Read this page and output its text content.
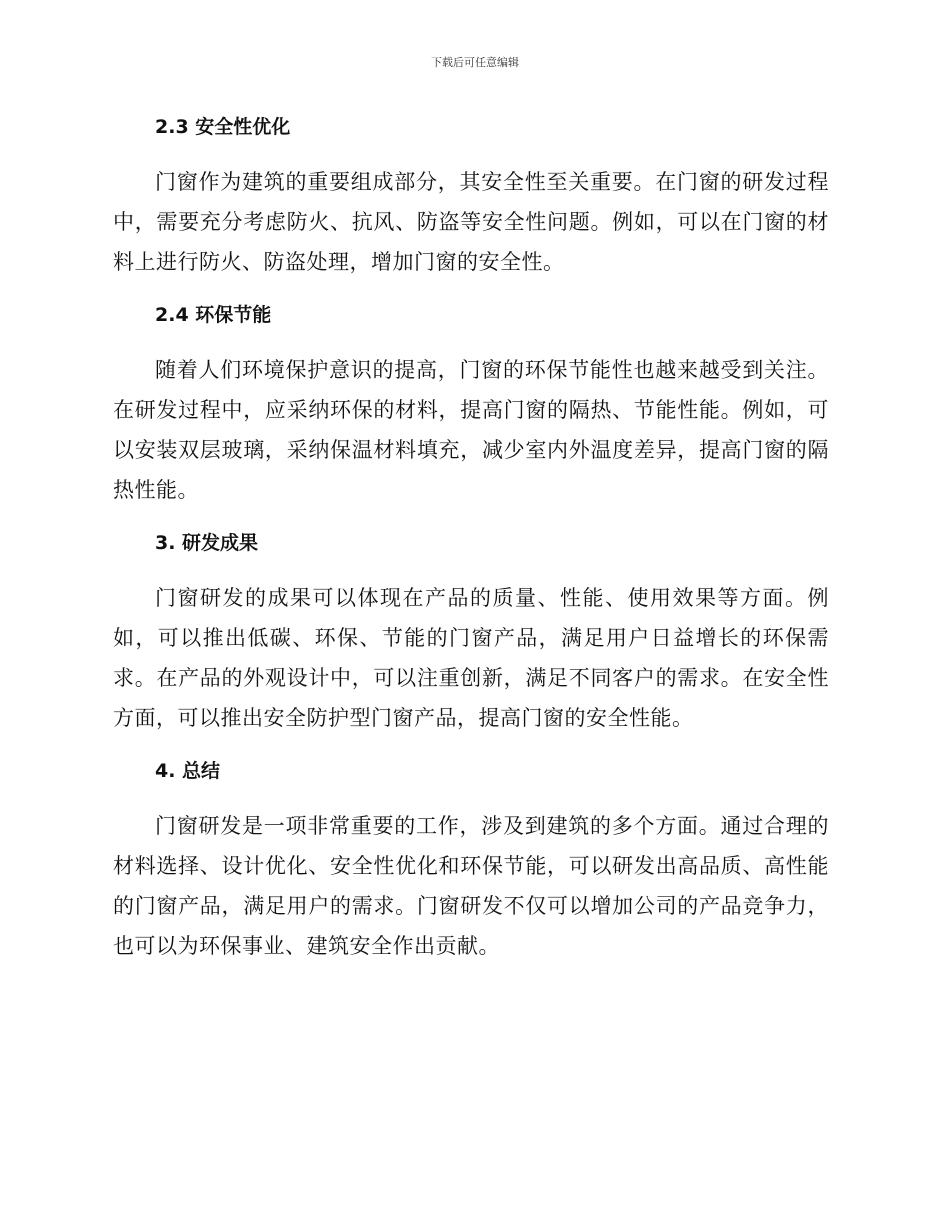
下载后可任意编辑
2.3 安全性优化

门窗作为建筑的重要组成部分，其安全性至关重要。在门窗的研发过程中，需要充分考虑防火、抗风、防盗等安全性问题。例如，可以在门窗的材料上进行防火、防盗处理，增加门窗的安全性。

2.4 环保节能

随着人们环境保护意识的提高，门窗的环保节能性也越来越受到关注。在研发过程中，应采纳环保的材料，提高门窗的隔热、节能性能。例如，可以安装双层玻璃，采纳保温材料填充，减少室内外温度差异，提高门窗的隔热性能。

3. 研发成果

门窗研发的成果可以体现在产品的质量、性能、使用效果等方面。例如，可以推出低碳、环保、节能的门窗产品，满足用户日益增长的环保需求。在产品的外观设计中，可以注重创新，满足不同客户的需求。在安全性方面，可以推出安全防护型门窗产品，提高门窗的安全性能。

4. 总结

门窗研发是一项非常重要的工作，涉及到建筑的多个方面。通过合理的材料选择、设计优化、安全性优化和环保节能，可以研发出高品质、高性能的门窗产品，满足用户的需求。门窗研发不仅可以增加公司的产品竞争力，也可以为环保事业、建筑安全作出贡献。
